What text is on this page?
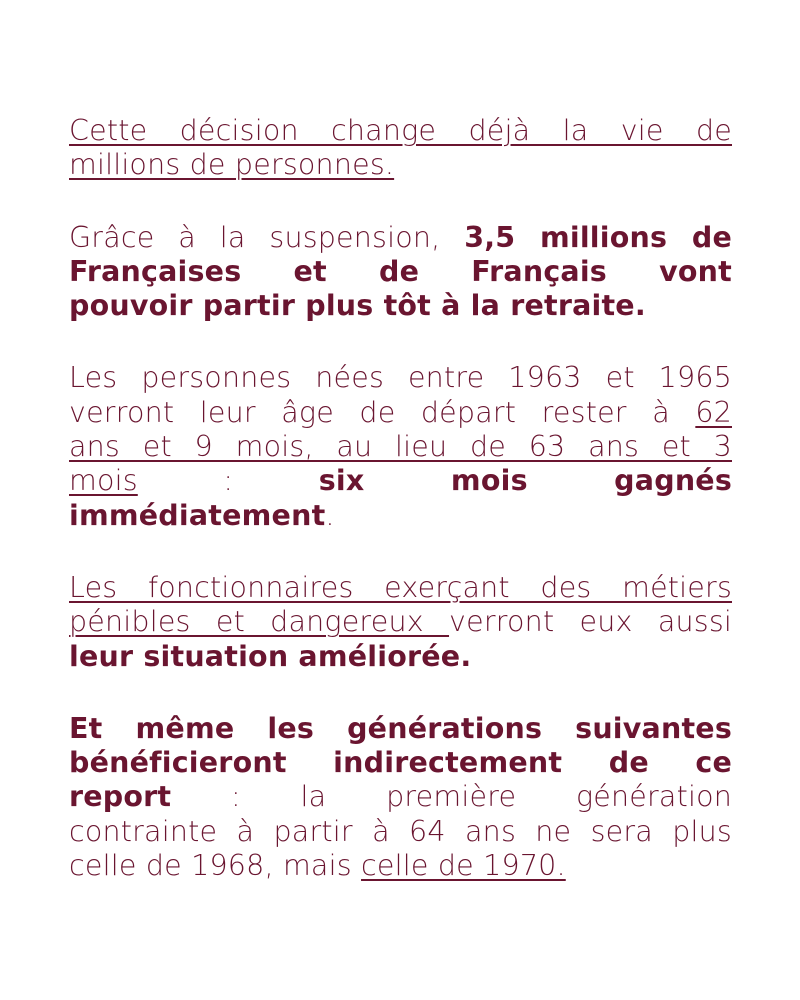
Cette décision change déjà la vie de
millions de personnes.
Grâce à la suspension, 3,5 millions de
Françaises et de Français vont
pouvoir partir plus tôt à la retraite.
Les personnes nées entre 1963 et 1965
verront leur âge de départ rester à 62
ans et 9 mois, au lieu de 63 ans et 3
mois : six mois gagnés
immédiatement.
Les fonctionnaires exerçant des métiers
pénibles et dangereux verront eux aussi
leur situation améliorée.
Et même les générations suivantes
bénéficieront indirectement de ce
report : la première génération
contrainte à partir à 64 ans ne sera plus
celle de 1968, mais celle de 1970.
